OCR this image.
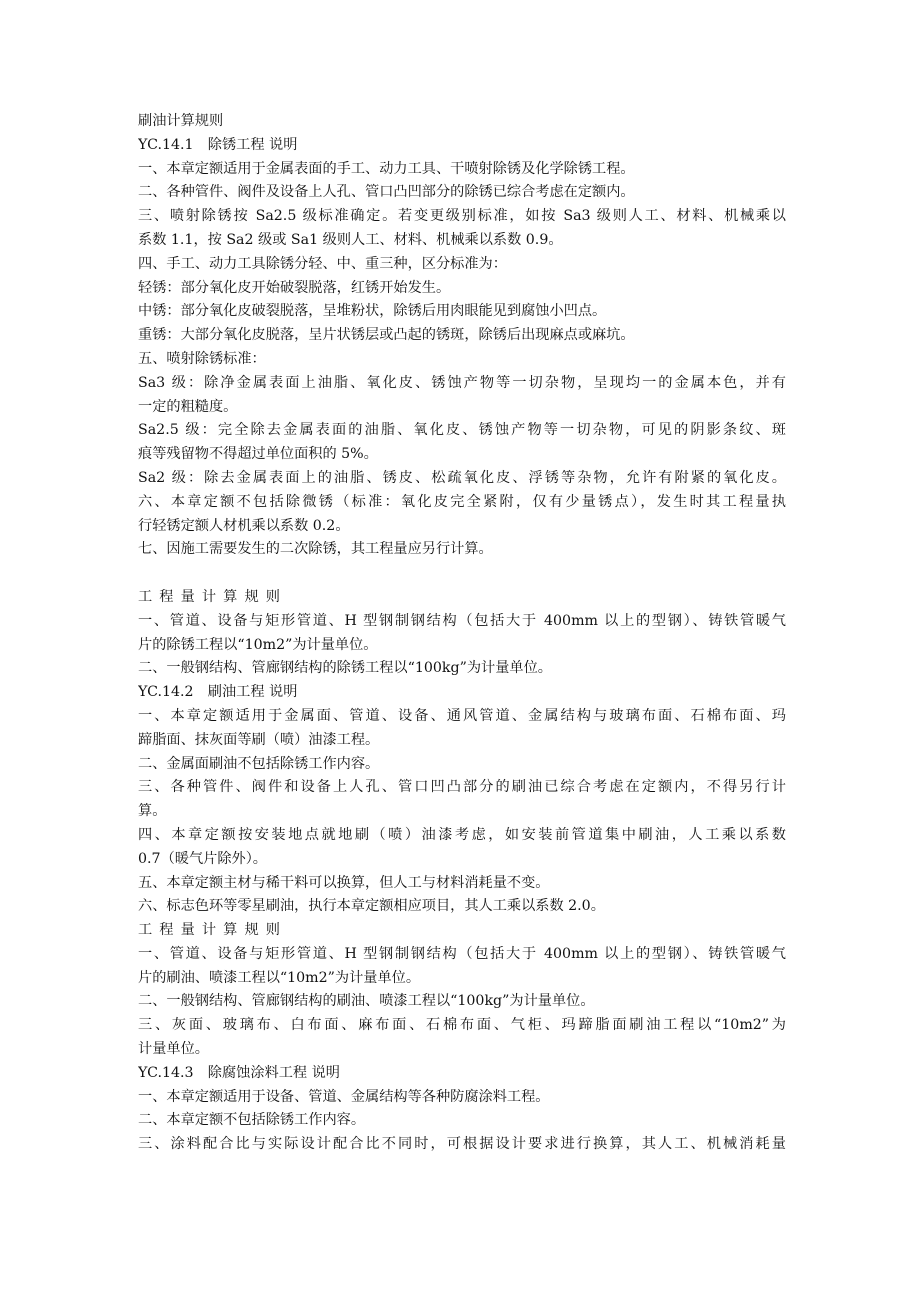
刷油计算规则

YC.14.1　除锈工程 说明

一、本章定额适用于金属表面的手工、动力工具、干喷射除锈及化学除锈工程。

二、各种管件、阀件及设备上人孔、管口凸凹部分的除锈已综合考虑在定额内。

三、喷射除锈按 Sa2.5 级标准确定。若变更级别标准，如按 Sa3 级则人工、材料、机械乘以

系数 1.1，按 Sa2 级或 Sa1 级则人工、材料、机械乘以系数 0.9。

四、手工、动力工具除锈分轻、中、重三种，区分标准为：

轻锈：部分氧化皮开始破裂脱落，红锈开始发生。

中锈：部分氧化皮破裂脱落，呈堆粉状，除锈后用肉眼能见到腐蚀小凹点。

重锈：大部分氧化皮脱落，呈片状锈层或凸起的锈斑，除锈后出现麻点或麻坑。

五、喷射除锈标准：

Sa3 级：除净金属表面上油脂、氧化皮、锈蚀产物等一切杂物，呈现均一的金属本色，并有

一定的粗糙度。

Sa2.5 级：完全除去金属表面的油脂、氧化皮、锈蚀产物等一切杂物，可见的阴影条纹、斑

痕等残留物不得超过单位面积的 5%。

Sa2 级：除去金属表面上的油脂、锈皮、松疏氧化皮、浮锈等杂物，允许有附紧的氧化皮。

六、本章定额不包括除微锈（标准：氧化皮完全紧附，仅有少量锈点），发生时其工程量执

行轻锈定额人材机乘以系数 0.2。

七、因施工需要发生的二次除锈，其工程量应另行计算。

工程量计算规则

一、管道、设备与矩形管道、H 型钢制钢结构（包括大于 400mm 以上的型钢）、铸铁管暖气

片的除锈工程以“10m2”为计量单位。

二、一般钢结构、管廊钢结构的除锈工程以“100kg”为计量单位。

YC.14.2　刷油工程 说明

一、本章定额适用于金属面、管道、设备、通风管道、金属结构与玻璃布面、石棉布面、玛

蹄脂面、抹灰面等刷（喷）油漆工程。

二、金属面刷油不包括除锈工作内容。

三、各种管件、阀件和设备上人孔、管口凹凸部分的刷油已综合考虑在定额内，不得另行计

算。

四、本章定额按安装地点就地刷（喷）油漆考虑，如安装前管道集中刷油，人工乘以系数

0.7（暖气片除外）。

五、本章定额主材与稀干料可以换算，但人工与材料消耗量不变。

六、标志色环等零星刷油，执行本章定额相应项目，其人工乘以系数 2.0。

工程量计算规则

一、管道、设备与矩形管道、H 型钢制钢结构（包括大于 400mm 以上的型钢）、铸铁管暖气

片的刷油、喷漆工程以“10m2”为计量单位。

二、一般钢结构、管廊钢结构的刷油、喷漆工程以“100kg”为计量单位。

三、灰面、玻璃布、白布面、麻布面、石棉布面、气柜、玛蹄脂面刷油工程以“10m2”为

计量单位。

YC.14.3　除腐蚀涂料工程 说明

一、本章定额适用于设备、管道、金属结构等各种防腐涂料工程。

二、本章定额不包括除锈工作内容。

三、涂料配合比与实际设计配合比不同时，可根据设计要求进行换算，其人工、机械消耗量
